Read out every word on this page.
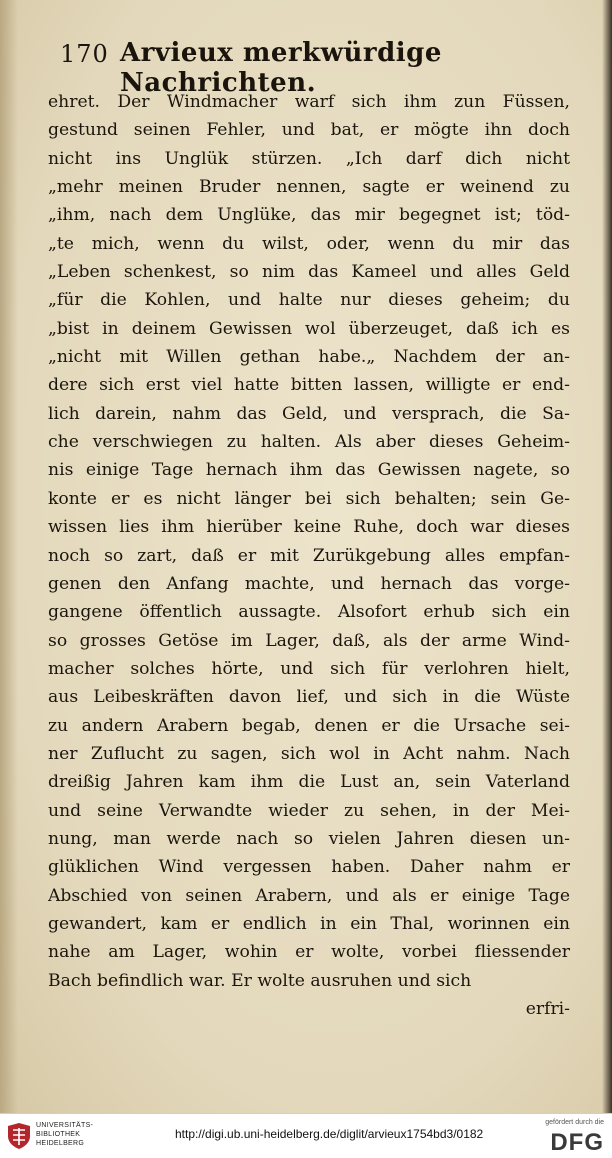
170 Arvieux merkwürdige Nachrichten.
ehret. Der Windmacher warf sich ihm zun Füssen,
gestund seinen Fehler, und bat, er mögte ihn doch
nicht ins Unglük stürzen. „Ich darf dich nicht
„mehr meinen Bruder nennen, sagte er weinend zu
„ihm, nach dem Unglüke, das mir begegnet ist; töd-
„te mich, wenn du wilst, oder, wenn du mir das
„Leben schenkest, so nim das Kameel und alles Geld
„für die Kohlen, und halte nur dieses geheim; du
„bist in deinem Gewissen wol überzeuget, daß ich es
„nicht mit Willen gethan habe.„ Nachdem der an-
dere sich erst viel hatte bitten lassen, willigte er end-
lich darein, nahm das Geld, und versprach, die Sa-
che verschwiegen zu halten. Als aber dieses Geheim-
nis einige Tage hernach ihm das Gewissen nagete, so
konte er es nicht länger bei sich behalten; sein Ge-
wissen lies ihm hierüber keine Ruhe, doch war dieses
noch so zart, daß er mit Zurükgebung alles empfan-
genen den Anfang machte, und hernach das vorge-
gangene öffentlich aussagte. Alsofort erhub sich ein
so grosses Getöse im Lager, daß, als der arme Wind-
macher solches hörte, und sich für verlohren hielt,
aus Leibeskräften davon lief, und sich in die Wüste
zu andern Arabern begab, denen er die Ursache sei-
ner Zuflucht zu sagen, sich wol in Acht nahm. Nach
dreißig Jahren kam ihm die Lust an, sein Vaterland
und seine Verwandte wieder zu sehen, in der Mei-
nung, man werde nach so vielen Jahren diesen un-
glüklichen Wind vergessen haben. Daher nahm er
Abschied von seinen Arabern, und als er einige Tage
gewandert, kam er endlich in ein Thal, worinnen ein
nahe am Lager, wohin er wolte, vorbei fliessender
Bach befindlich war. Er wolte ausruhen und sich
erfri-
UNIVERSITÄTS-
BIBLIOTHEK
HEIDELBERG
http://digi.ub.uni-heidelberg.de/diglit/arvieux1754bd3/0182
gefördert durch die
DFG
